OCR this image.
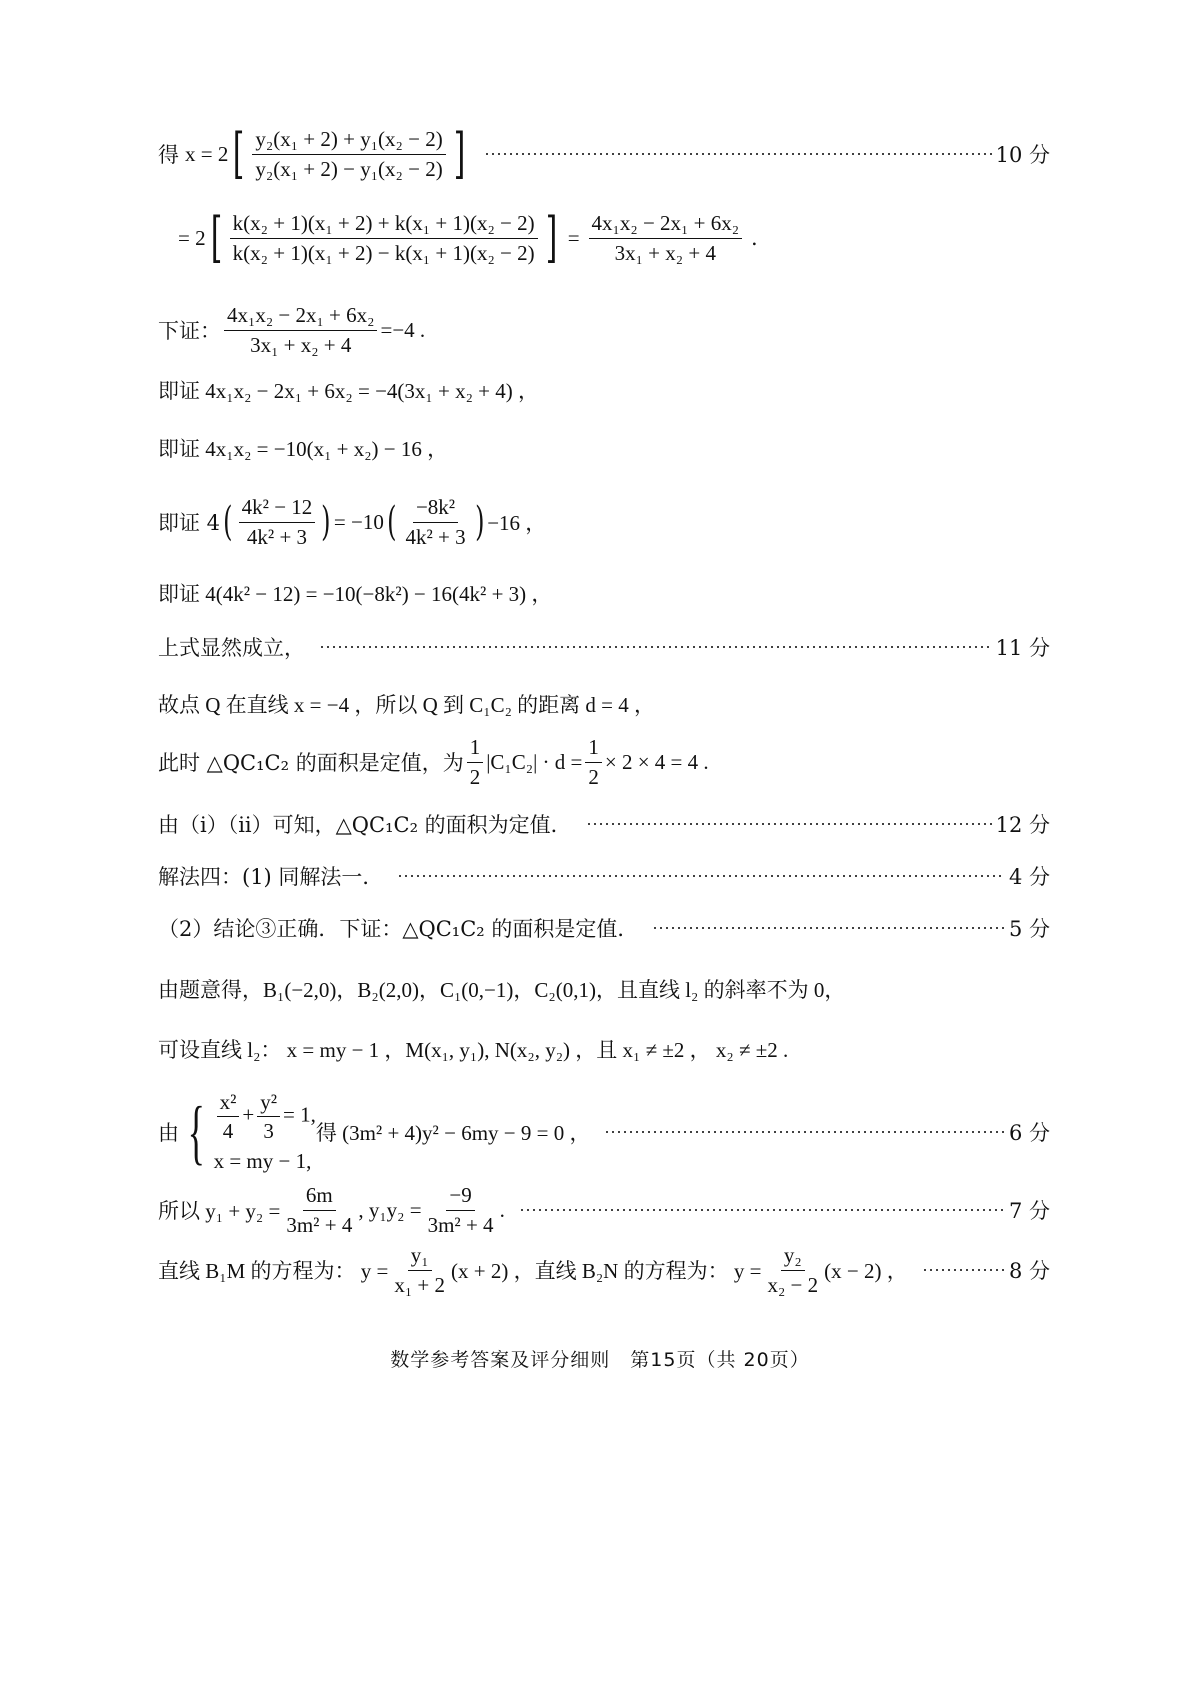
得 x = 2 [ $\frac{\text{y₂(x₁ + 2) + y₁(x₂ − 2)}}{\text{y₂(x₁ + 2) − y₁(x₂ − 2)}}$ ]	10 分
= 2 [ $\frac{\text{k(x₂ + 1)(x₁ + 2) + k(x₁ + 1)(x₂ − 2)}}{\text{k(x₂ + 1)(x₁ + 2) − k(x₁ + 1)(x₂ − 2)}}$ ] = $\frac{\text{4x₁x₂ − 2x₁ + 6x₂}}{\text{3x₁ + x₂ + 4}}$ .
下证： $\frac{\text{4x₁x₂ − 2x₁ + 6x₂}}{\text{3x₁ + x₂ + 4}} =-4$ .
即证 4x₁x₂ − 2x₁ + 6x₂ = −4(3x₁ + x₂ + 4) ，
即证 4x₁x₂ = −10(x₁ + x₂) − 16 ，
即证 4 ( $\frac{\text{4k² − 12}}{\text{4k² + 3}}$ ) = −10 ( $\frac{\text{−8k²}}{\text{4k² + 3}}$ ) −16 ，
即证 4(4k² − 12) = −10(−8k²) − 16(4k² + 3) ，
上式显然成立，	11 分
故点 Q 在直线 x = −4 ，所以 Q 到 C₁C₂ 的距离 d = 4 ，
此时 △QC₁C₂ 的面积是定值，为 $\frac{1}{2} |C_1C_2| \cdot d = \frac{1}{2} \times 2 \times 4 = 4$ .
由（i）（ii）可知，△QC₁C₂ 的面积为定值．	12 分
解法四：(1) 同解法一．	4 分
（2）结论③正确．下证：△QC₁C₂ 的面积是定值．	5 分
由题意得，B₁(−2,0)，B₂(2,0)，C₁(0,−1)，C₂(0,1)，且直线 l₂ 的斜率不为 0，
可设直线 l₂： x = my − 1 ，M(x₁, y₁), N(x₂, y₂) ，且 x₁ ≠ ±2 ， x₂ ≠ ±2 .
由 { $\frac{\text{x²}}{4} + \frac{\text{y²}}{3} = 1$,
x = my − 1,
得 (3m² + 4)y² − 6my − 9 = 0 ，	6 分
所以 $y_1 + y_2 = \frac{6m}{\text{3m² + 4}}$ , $y_1y_2 = \frac{-9}{\text{3m² + 4}}$ .	7 分
直线 B₁M 的方程为： $y = \frac{\text{y₁}}{\text{x₁ + 2}} (x + 2)$ ，直线 B₂N 的方程为： $y = \frac{\text{y₂}}{\text{x₂ − 2}} (x - 2)$ ，	8 分
数学参考答案及评分细则　第15页（共 20页）
